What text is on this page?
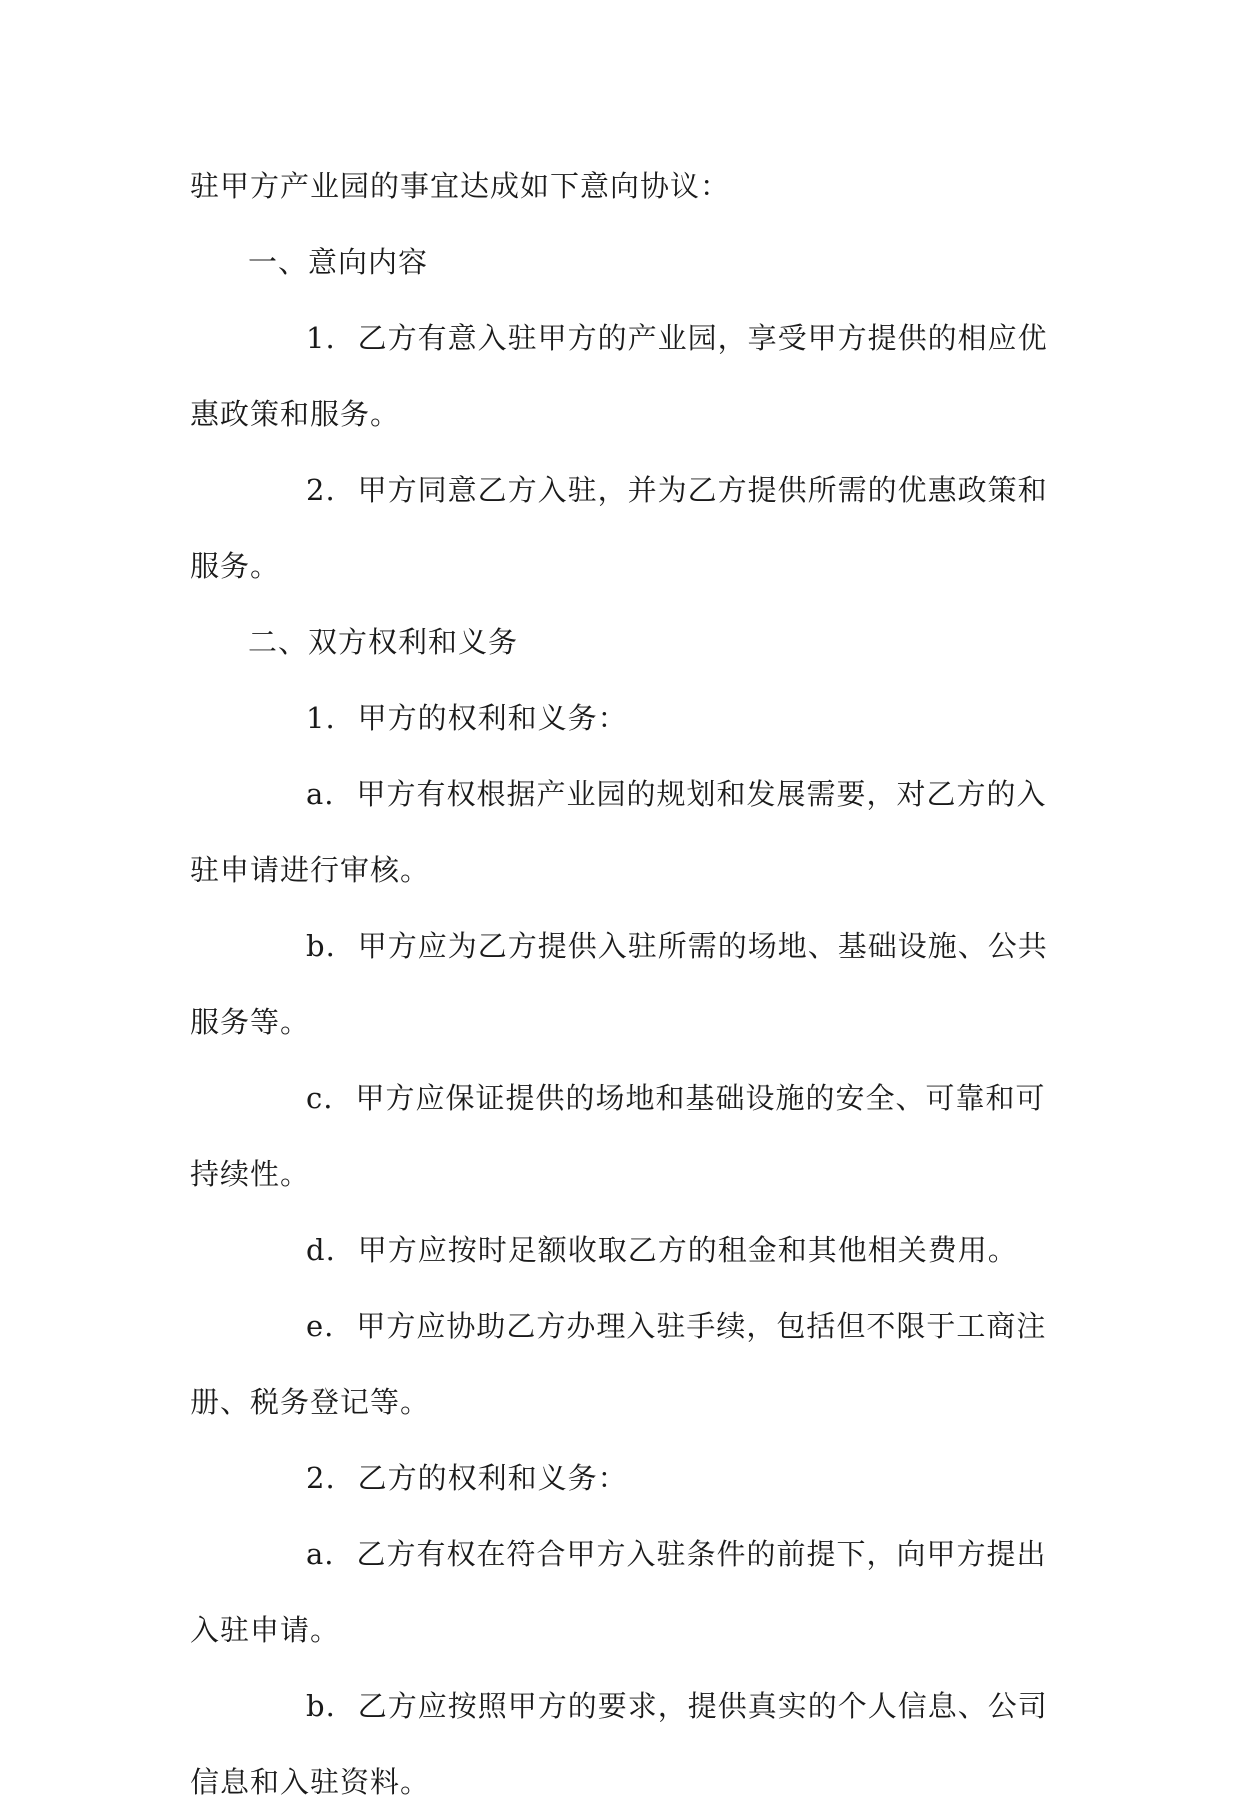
驻甲方产业园的事宜达成如下意向协议：

一、意向内容

1. 乙方有意入驻甲方的产业园，享受甲方提供的相应优惠政策和服务。

2. 甲方同意乙方入驻，并为乙方提供所需的优惠政策和服务。

二、双方权利和义务

1. 甲方的权利和义务：

a. 甲方有权根据产业园的规划和发展需要，对乙方的入驻申请进行审核。

b. 甲方应为乙方提供入驻所需的场地、基础设施、公共服务等。

c. 甲方应保证提供的场地和基础设施的安全、可靠和可持续性。

d. 甲方应按时足额收取乙方的租金和其他相关费用。

e. 甲方应协助乙方办理入驻手续，包括但不限于工商注册、税务登记等。

2. 乙方的权利和义务：

a. 乙方有权在符合甲方入驻条件的前提下，向甲方提出入驻申请。

b. 乙方应按照甲方的要求，提供真实的个人信息、公司信息和入驻资料。
